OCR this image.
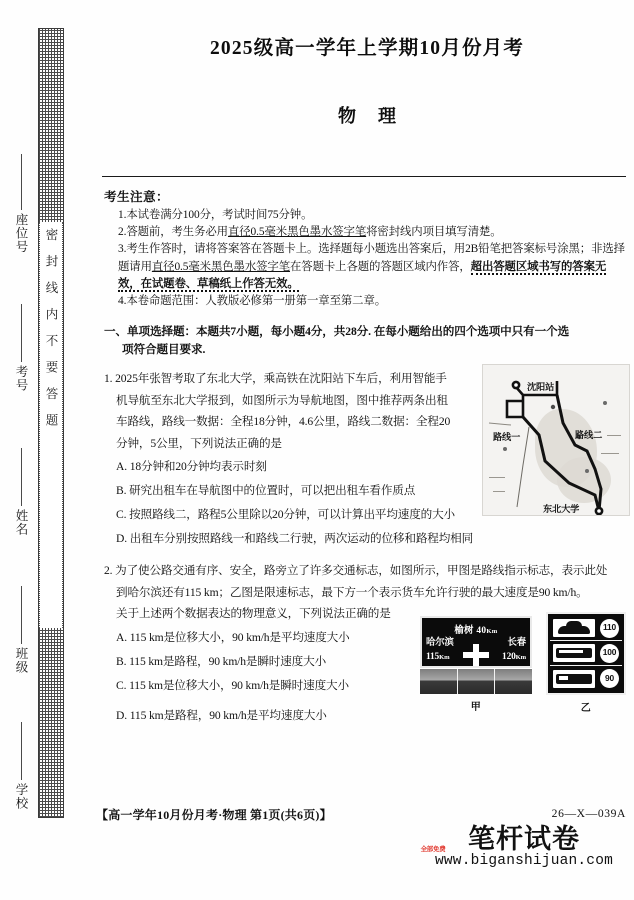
密封线内不要答题
座位号
考号
姓名
班级
学校
2025级高一学年上学期10月份月考
物理
考生注意：
1.本试卷满分100分，考试时间75分钟。
2.答题前，考生务必用直径0.5毫米黑色墨水签字笔将密封线内项目填写清楚。
3.考生作答时，请将答案答在答题卡上。选择题每小题选出答案后，用2B铅笔把答案标号涂黑；非选择题请用直径0.5毫米黑色墨水签字笔在答题卡上各题的答题区域内作答，超出答题区域书写的答案无效，在试题卷、草稿纸上作答无效。
4.本卷命题范围：人教版必修第一册第一章至第二章。
一、单项选择题：本题共7小题，每小题4分，共28分. 在每小题给出的四个选项中只有一个选
项符合题目要求.
沈阳站
路线一	路线二
东北大学
1. 2025年张智考取了东北大学，乘高铁在沈阳站下车后，利用智能手
机导航至东北大学报到，如图所示为导航地图，图中推荐两条出租
车路线，路线一数据：全程18分钟，4.6公里，路线二数据：全程20
分钟，5公里，下列说法正确的是
A. 18分钟和20分钟均表示时刻
B. 研究出租车在导航图中的位置时，可以把出租车看作质点
C. 按照路线二，路程5公里除以20分钟，可以计算出平均速度的大小
D. 出租车分别按照路线一和路线二行驶，两次运动的位移和路程均相同
2. 为了使公路交通有序、安全，路旁立了许多交通标志，如图所示，甲图是路线指示标志，表示此处
到哈尔滨还有115 km；乙图是限速标志，最下方一个表示货车允许行驶的最大速度是90 km/h。
关于上述两个数据表达的物理意义，下列说法正确的是
榆树 40Km
哈尔滨
115Km
长春
120Km
甲
110
100
90
乙
A. 115 km是位移大小，90 km/h是平均速度大小
B. 115 km是路程，90 km/h是瞬时速度大小
C. 115 km是位移大小，90 km/h是瞬时速度大小
D. 115 km是路程，90 km/h是平均速度大小
【高一学年10月份月考·物理 第1页(共6页)】	26—X—039A
笔杆试卷
全部免费
www.biganshijuan.com
